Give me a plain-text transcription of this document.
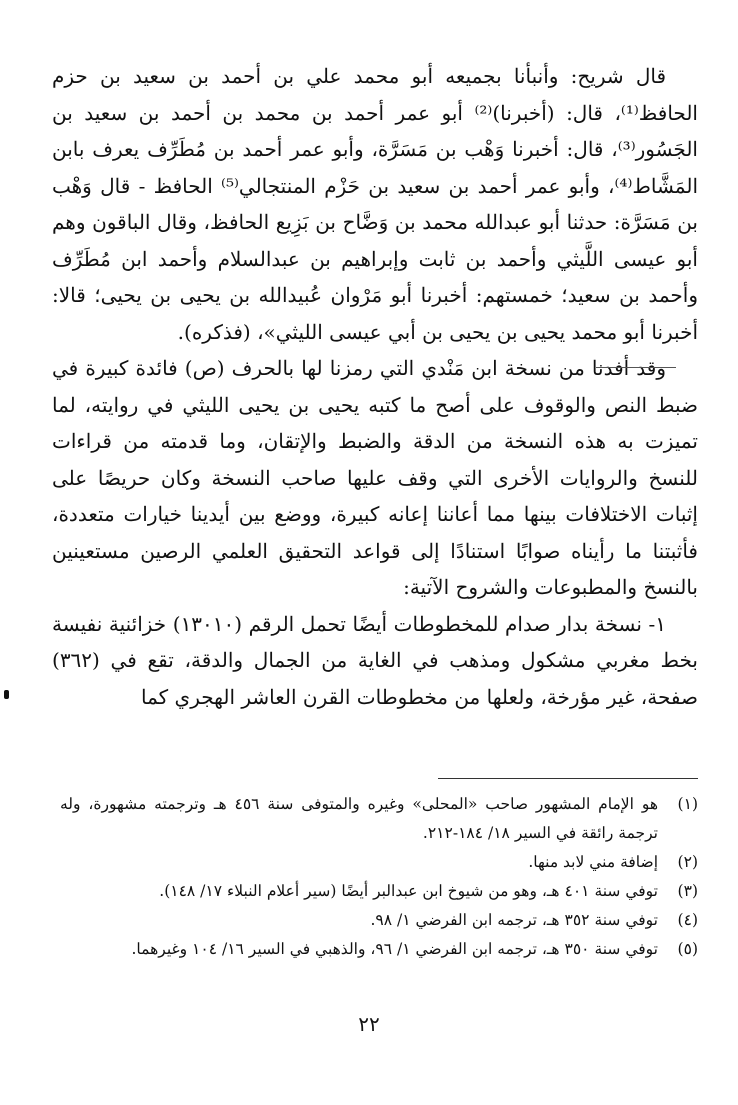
قال شريح: وأنبأنا بجميعه أبو محمد علي بن أحمد بن سعيد بن حزم الحافظ⁽¹⁾، قال: (أخبرنا)⁽²⁾ أبو عمر أحمد بن محمد بن أحمد بن سعيد بن الجَسُور⁽³⁾، قال: أخبرنا وَهْب بن مَسَرَّة، وأبو عمر أحمد بن مُطَرِّف يعرف بابن المَشَّاط⁽⁴⁾، وأبو عمر أحمد بن سعيد بن حَزْم المنتجالي⁽⁵⁾ الحافظ - قال وَهْب بن مَسَرَّة: حدثنا أبو عبدالله محمد بن وَضَّاح بن بَزِيع الحافظ، وقال الباقون وهم أبو عيسى اللَّيثي وأحمد بن ثابت وإبراهيم بن عبدالسلام وأحمد ابن مُطَرِّف وأحمد بن سعيد؛ خمستهم: أخبرنا أبو مَرْوان عُبيدالله بن يحيى بن يحيى؛ قالا: أخبرنا أبو محمد يحيى بن يحيى بن أبي عيسى الليثي»، (فذكره).

وقد أفدنا من نسخة ابن مَنْدي التي رمزنا لها بالحرف (ص) فائدة كبيرة في ضبط النص والوقوف على أصح ما كتبه يحيى بن يحيى الليثي في روايته، لما تميزت به هذه النسخة من الدقة والضبط والإتقان، وما قدمته من قراءات للنسخ والروايات الأخرى التي وقف عليها صاحب النسخة وكان حريصًا على إثبات الاختلافات بينها مما أعاننا إعانه كبيرة، ووضع بين أيدينا خيارات متعددة، فأثبتنا ما رأيناه صوابًا استنادًا إلى قواعد التحقيق العلمي الرصين مستعينين بالنسخ والمطبوعات والشروح الآتية:

١- نسخة بدار صدام للمخطوطات أيضًا تحمل الرقم (١٣٠١٠) خزائنية نفيسة بخط مغربي مشكول ومذهب في الغاية من الجمال والدقة، تقع في (٣٦٢) صفحة، غير مؤرخة، ولعلها من مخطوطات القرن العاشر الهجري كما

(١)
هو الإمام المشهور صاحب «المحلى» وغيره والمتوفى سنة ٤٥٦ هـ وترجمته مشهورة، وله ترجمة رائقة في السير ١٨/ ١٨٤-٢١٢.
(٢)
إضافة مني لابد منها.
(٣)
توفي سنة ٤٠١ هـ، وهو من شيوخ ابن عبدالبر أيضًا (سير أعلام النبلاء ١٧/ ١٤٨).
(٤)
توفي سنة ٣٥٢ هـ، ترجمه ابن الفرضي ١/ ٩٨.
(٥)
توفي سنة ٣٥٠ هـ، ترجمه ابن الفرضي ١/ ٩٦، والذهبي في السير ١٦/ ١٠٤ وغيرهما.
٢٢
